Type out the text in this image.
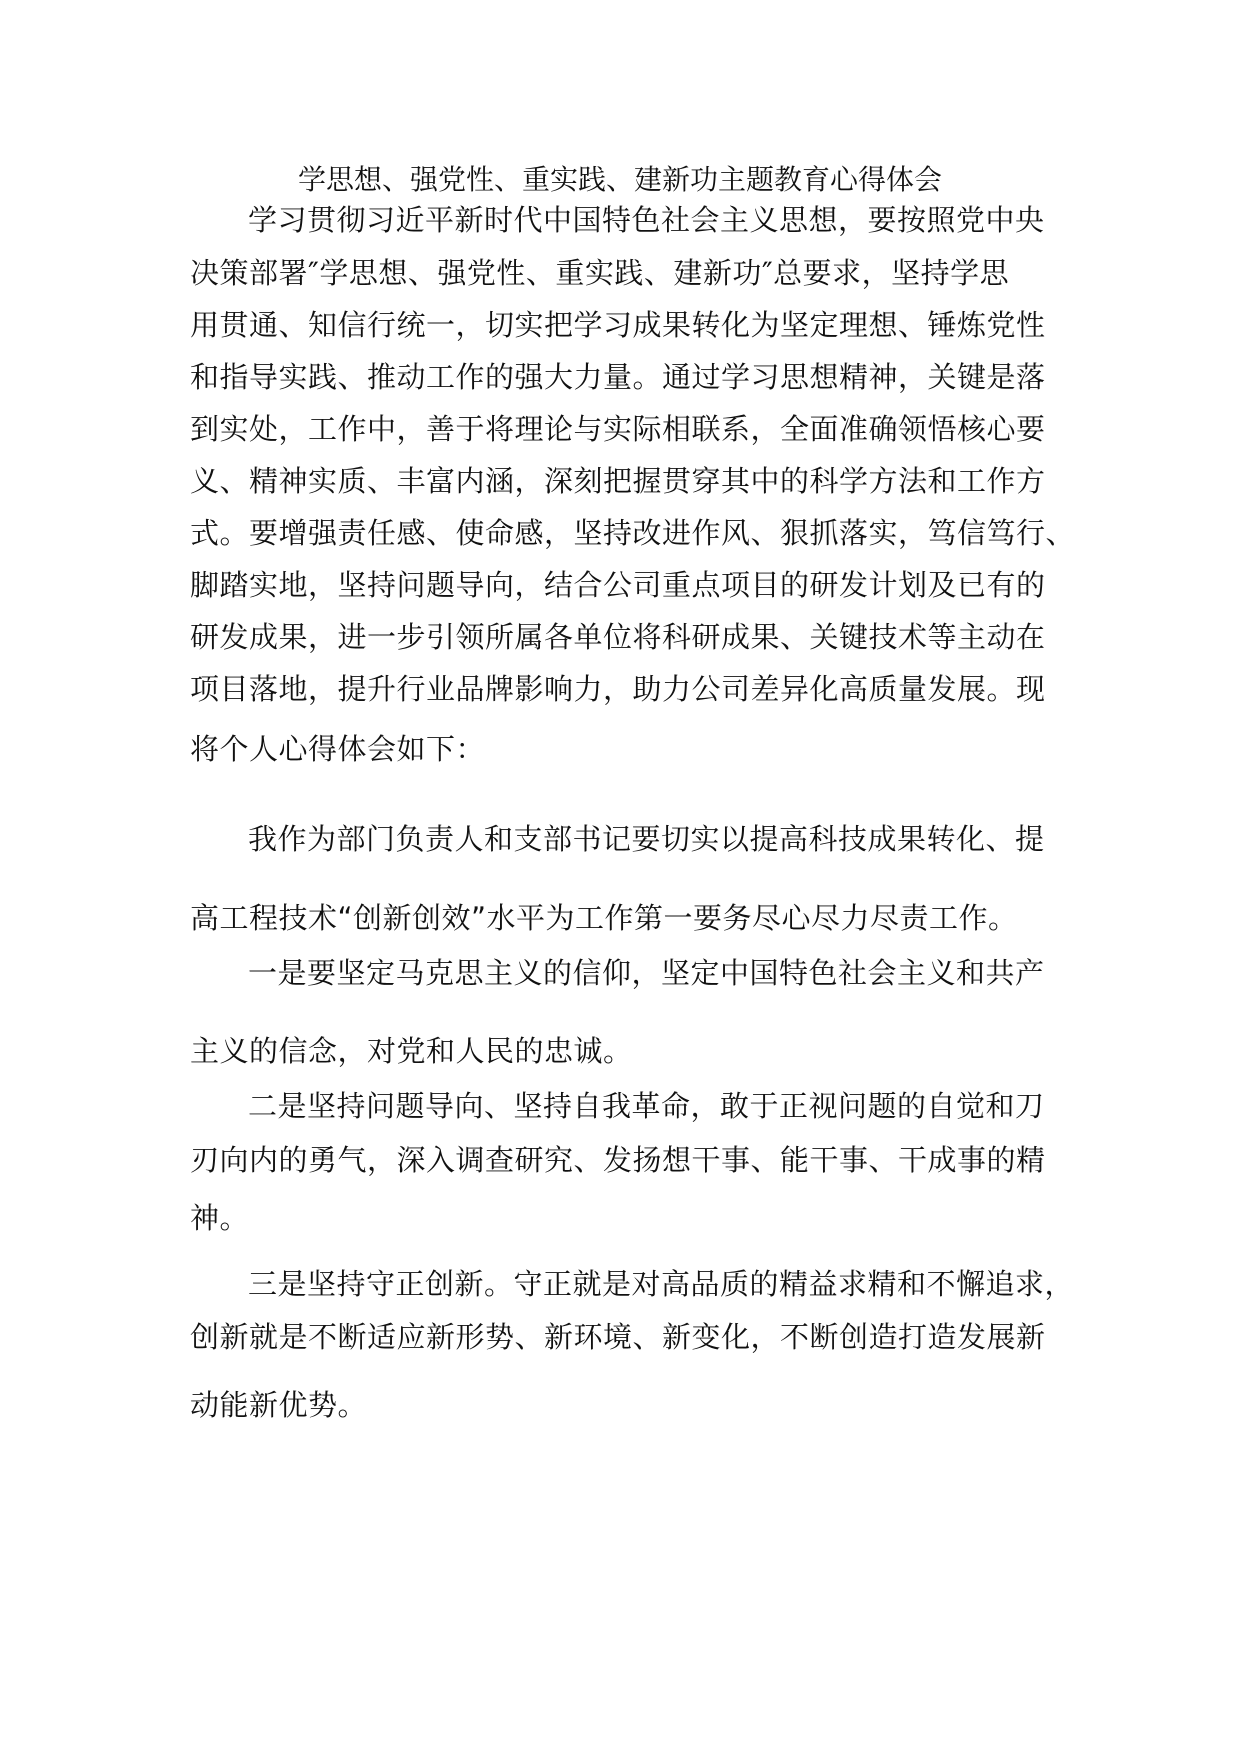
学思想、强党性、重实践、建新功主题教育心得体会
学习贯彻习近平新时代中国特色社会主义思想，要按照党中央
决策部署″学思想、强党性、重实践、建新功″总要求，坚持学思
用贯通、知信行统一，切实把学习成果转化为坚定理想、锤炼党性
和指导实践、推动工作的强大力量。通过学习思想精神，关键是落
到实处，工作中，善于将理论与实际相联系，全面准确领悟核心要
义、精神实质、丰富内涵，深刻把握贯穿其中的科学方法和工作方
式。要增强责任感、使命感，坚持改进作风、狠抓落实，笃信笃行、
脚踏实地，坚持问题导向，结合公司重点项目的研发计划及已有的
研发成果，进一步引领所属各单位将科研成果、关键技术等主动在
项目落地，提升行业品牌影响力，助力公司差异化高质量发展。现
将个人心得体会如下：
我作为部门负责人和支部书记要切实以提高科技成果转化、提
高工程技术“创新创效”水平为工作第一要务尽心尽力尽责工作。
一是要坚定马克思主义的信仰，坚定中国特色社会主义和共产
主义的信念，对党和人民的忠诚。
二是坚持问题导向、坚持自我革命，敢于正视问题的自觉和刀
刃向内的勇气，深入调查研究、发扬想干事、能干事、干成事的精
神。
三是坚持守正创新。守正就是对高品质的精益求精和不懈追求，
创新就是不断适应新形势、新环境、新变化，不断创造打造发展新
动能新优势。
